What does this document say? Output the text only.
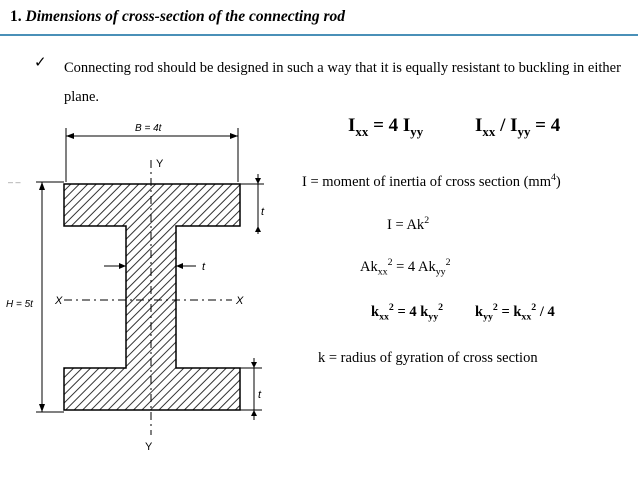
1. Dimensions of cross-section of the connecting rod
✓ Connecting rod should be designed in such a way that it is equally resistant to buckling in either plane.
$I_{xx} = 4$ $I_{yy}$	$I_{xx} / I_{yy} = 4$
I = moment of inertia of cross section $(mm^4)$
$I = Ak^2$
$Ak_{xx}^2 = 4$ $Ak_{yy}^2$
$k_{xx}^2 = 4$ $k_{yy}^2$ $k_{yy}^2 = k_{xx}^2 / 4$
k = radius of gyration of cross section
B = 4t
H = 5t
t
t
t
Y
Y
X	X
– –
